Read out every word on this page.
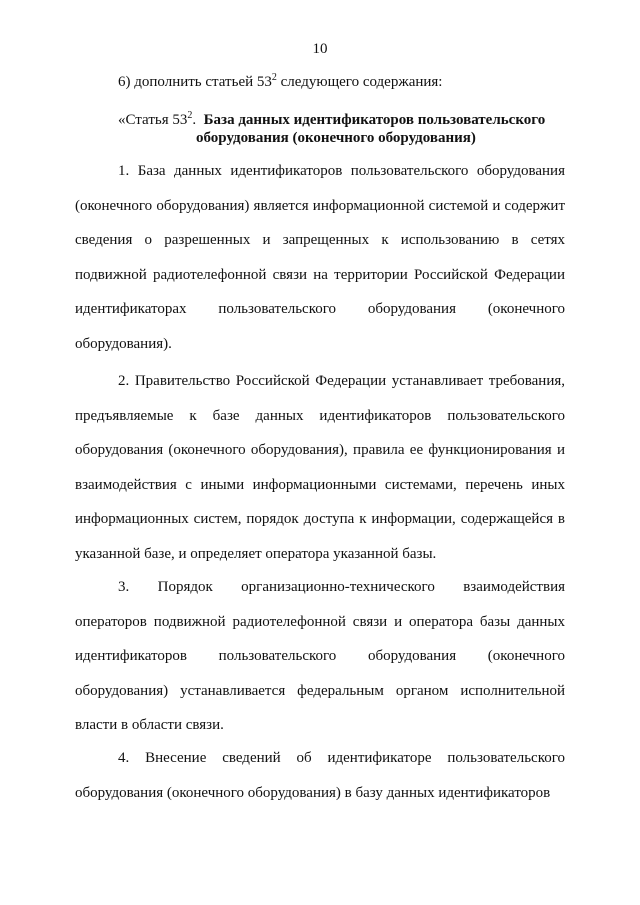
10
6) дополнить статьей $53^2$ следующего содержания:
«Статья $53^2$. База данных идентификаторов пользовательского
оборудования (оконечного оборудования)

1. База данных идентификаторов пользовательского оборудования (оконечного оборудования) является информационной системой и содержит сведения о разрешенных и запрещенных к использованию в сетях подвижной радиотелефонной связи на территории Российской Федерации идентификаторах пользовательского оборудования (оконечного оборудования).

2. Правительство Российской Федерации устанавливает требования, предъявляемые к базе данных идентификаторов пользовательского оборудования (оконечного оборудования), правила ее функционирования и взаимодействия с иными информационными системами, перечень иных информационных систем, порядок доступа к информации, содержащейся в указанной базе, и определяет оператора указанной базы.

3. Порядок организационно-технического взаимодействия операторов подвижной радиотелефонной связи и оператора базы данных идентификаторов пользовательского оборудования (оконечного оборудования) устанавливается федеральным органом исполнительной власти в области связи.

4. Внесение сведений об идентификаторе пользовательского оборудования (оконечного оборудования) в базу данных идентификаторов
